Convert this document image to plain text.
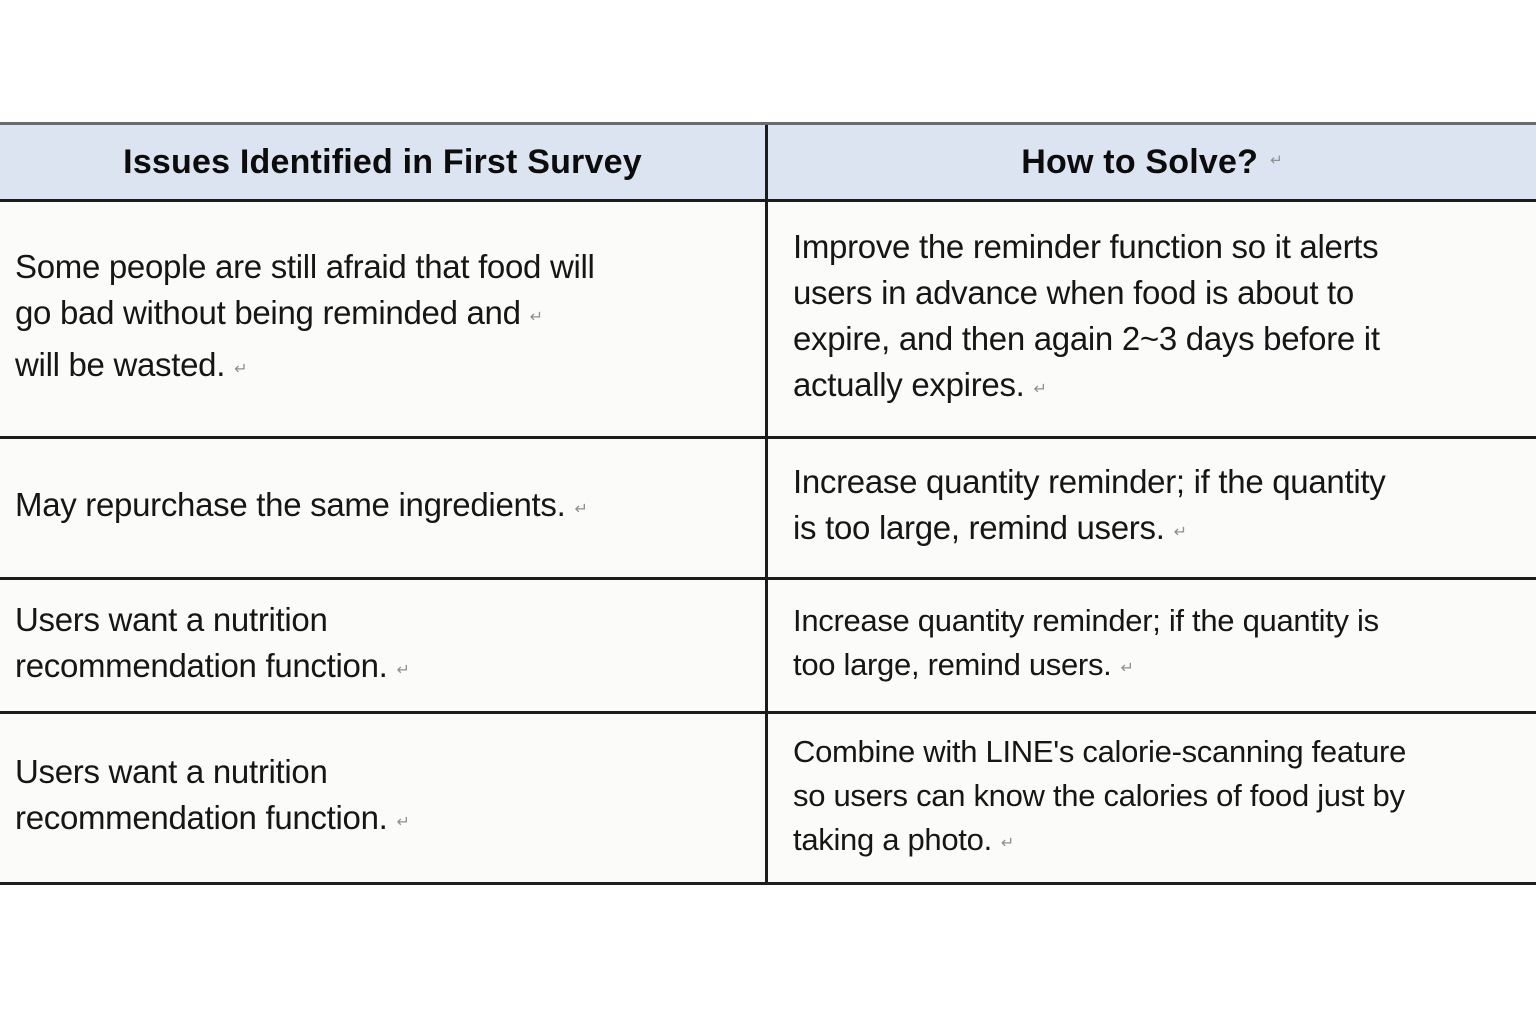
Issues Identified in First Survey	How to Solve? ↵
Some people are still afraid that food will
go bad without being reminded and ↵
will be wasted. ↵
Improve the reminder function so it alerts
users in advance when food is about to
expire, and then again 2~3 days before it
actually expires. ↵
May repurchase the same ingredients. ↵
Increase quantity reminder; if the quantity
is too large, remind users. ↵
Users want a nutrition
recommendation function. ↵
Increase quantity reminder; if the quantity is
too large, remind users. ↵
Users want a nutrition
recommendation function. ↵
Combine with LINE's calorie-scanning feature
so users can know the calories of food just by
taking a photo. ↵
